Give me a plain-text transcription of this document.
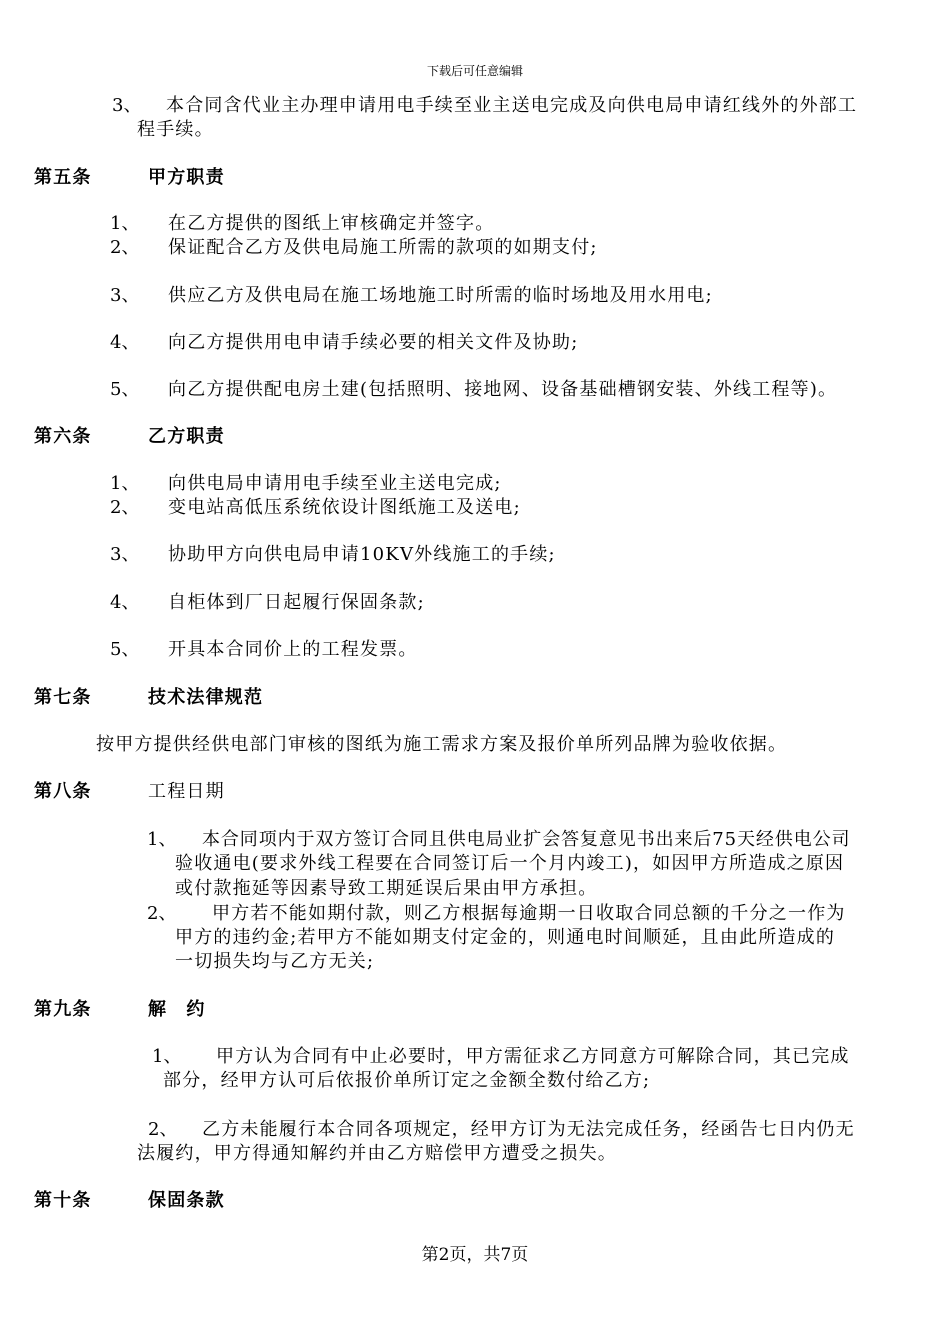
下载后可任意编辑
3、 本合同含代业主办理申请用电手续至业主送电完成及向供电局申请红线外的外部工
程手续。
第五条	甲方职责
1、 在乙方提供的图纸上审核确定并签字。
2、 保证配合乙方及供电局施工所需的款项的如期支付;
3、 供应乙方及供电局在施工场地施工时所需的临时场地及用水用电;
4、 向乙方提供用电申请手续必要的相关文件及协助;
5、 向乙方提供配电房土建(包括照明、接地网、设备基础槽钢安装、外线工程等)。
第六条	乙方职责
1、 向供电局申请用电手续至业主送电完成;
2、 变电站高低压系统依设计图纸施工及送电;
3、 协助甲方向供电局申请10KV外线施工的手续;
4、 自柜体到厂日起履行保固条款;
5、 开具本合同价上的工程发票。
第七条	技术法律规范
按甲方提供经供电部门审核的图纸为施工需求方案及报价单所列品牌为验收依据。
第八条	工程日期
1、 本合同项内于双方签订合同且供电局业扩会答复意见书出来后75天经供电公司
验收通电(要求外线工程要在合同签订后一个月内竣工)，如因甲方所造成之原因
或付款拖延等因素导致工期延误后果由甲方承担。
2、 甲方若不能如期付款，则乙方根据每逾期一日收取合同总额的千分之一作为
甲方的违约金;若甲方不能如期支付定金的，则通电时间顺延，且由此所造成的
一切损失均与乙方无关;
第九条	解　约
1、 甲方认为合同有中止必要时，甲方需征求乙方同意方可解除合同，其已完成
部分，经甲方认可后依报价单所订定之金额全数付给乙方;
2、 乙方未能履行本合同各项规定，经甲方订为无法完成任务，经函告七日内仍无
法履约，甲方得通知解约并由乙方赔偿甲方遭受之损失。
第十条	保固条款
第2页，共7页
